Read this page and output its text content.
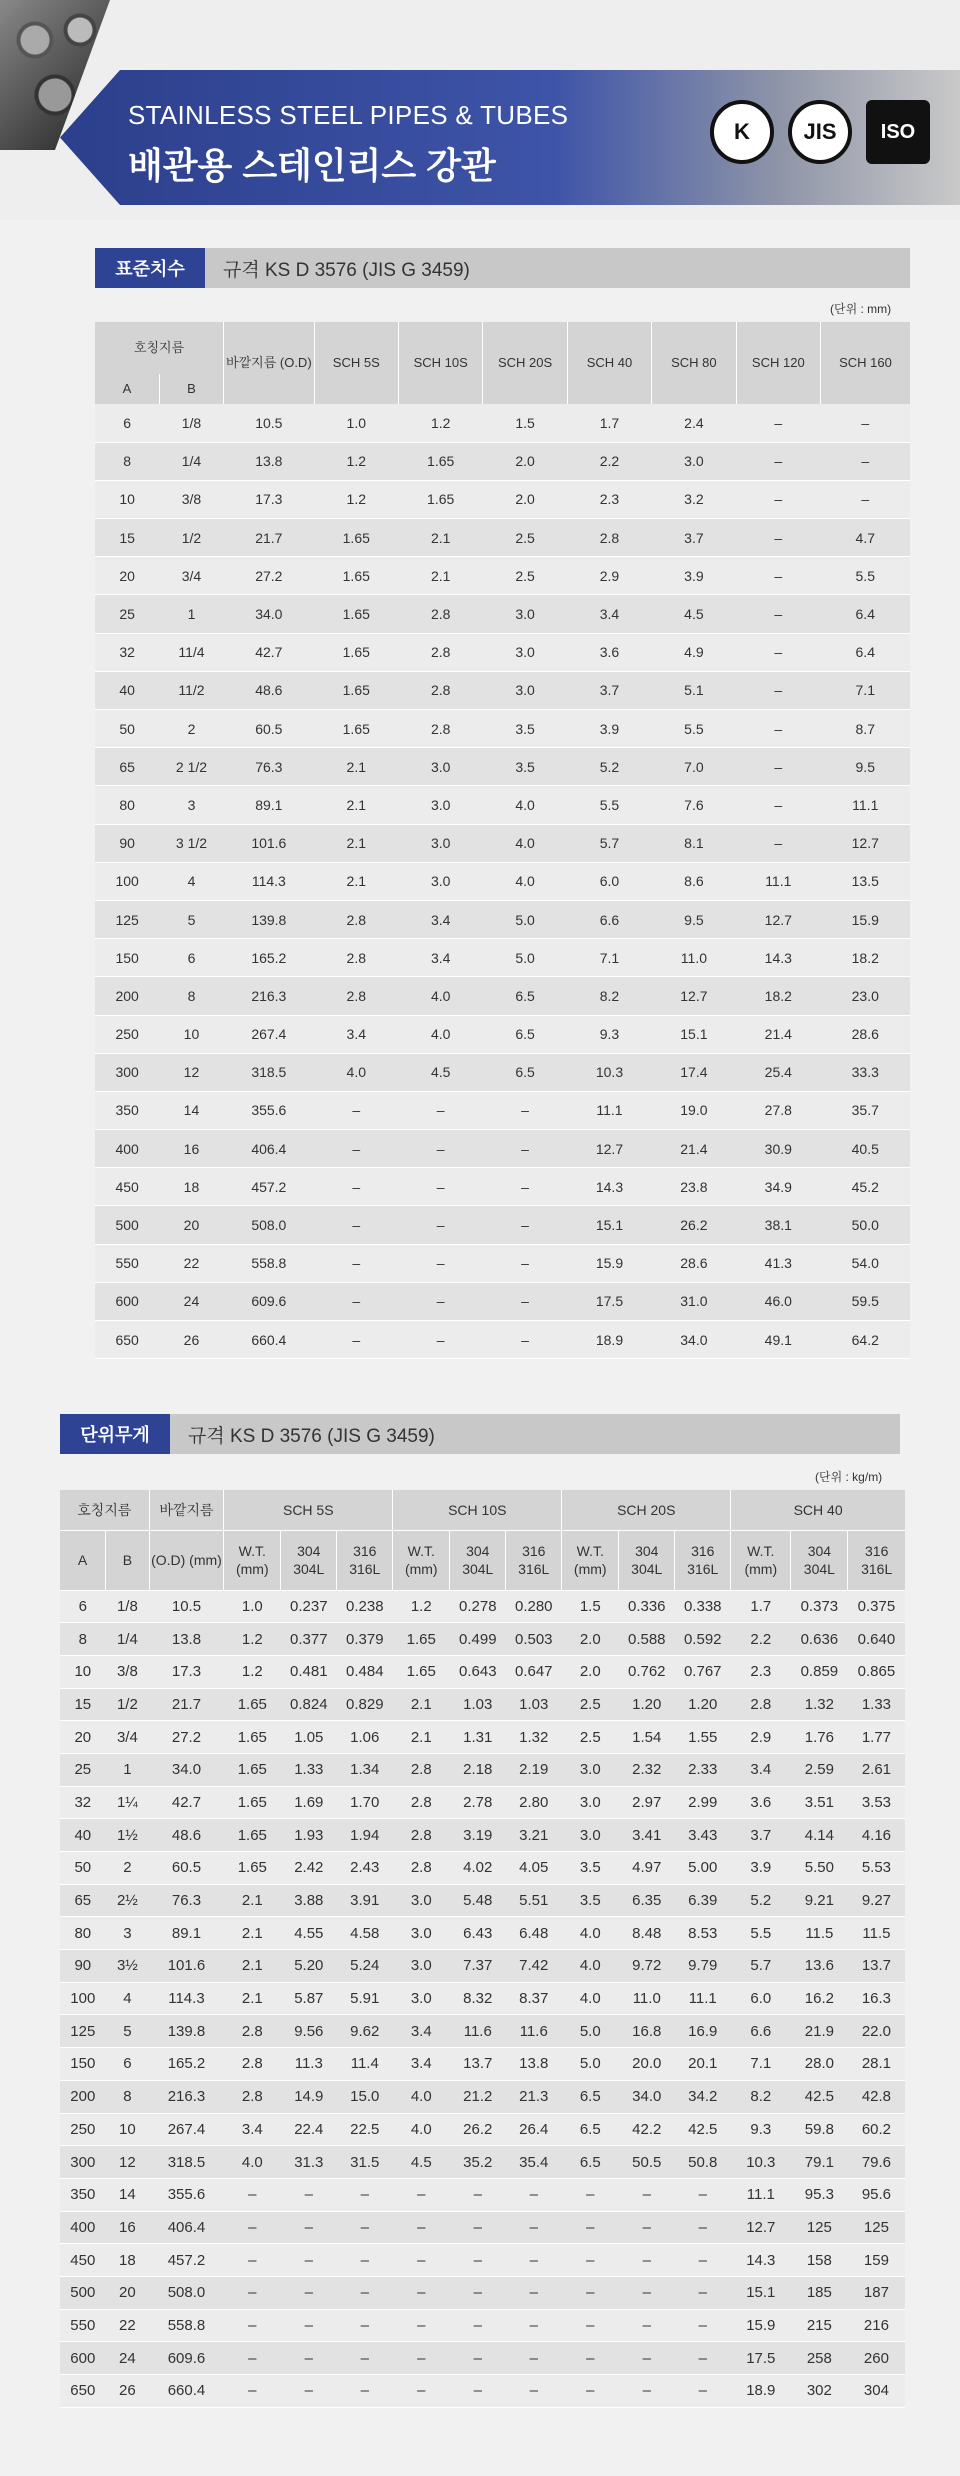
STAINLESS STEEL PIPES & TUBES
배관용 스테인리스 강관
K	JIS	ISO
표준치수	규격 KS D 3576 (JIS G 3459)
(단위 : mm)
호칭지름		바깥지름 (O.D)	SCH 5S	SCH 10S	SCH 20S	SCH 40	SCH 80	SCH 120	SCH 160
A	B								
6	1/8	10.5	1.0	1.2	1.5	1.7	2.4	–	–
8	1/4	13.8	1.2	1.65	2.0	2.2	3.0	–	–
10	3/8	17.3	1.2	1.65	2.0	2.3	3.2	–	–
15	1/2	21.7	1.65	2.1	2.5	2.8	3.7	–	4.7
20	3/4	27.2	1.65	2.1	2.5	2.9	3.9	–	5.5
25	1	34.0	1.65	2.8	3.0	3.4	4.5	–	6.4
32	11/4	42.7	1.65	2.8	3.0	3.6	4.9	–	6.4
40	11/2	48.6	1.65	2.8	3.0	3.7	5.1	–	7.1
50	2	60.5	1.65	2.8	3.5	3.9	5.5	–	8.7
65	2 1/2	76.3	2.1	3.0	3.5	5.2	7.0	–	9.5
80	3	89.1	2.1	3.0	4.0	5.5	7.6	–	11.1
90	3 1/2	101.6	2.1	3.0	4.0	5.7	8.1	–	12.7
100	4	114.3	2.1	3.0	4.0	6.0	8.6	11.1	13.5
125	5	139.8	2.8	3.4	5.0	6.6	9.5	12.7	15.9
150	6	165.2	2.8	3.4	5.0	7.1	11.0	14.3	18.2
200	8	216.3	2.8	4.0	6.5	8.2	12.7	18.2	23.0
250	10	267.4	3.4	4.0	6.5	9.3	15.1	21.4	28.6
300	12	318.5	4.0	4.5	6.5	10.3	17.4	25.4	33.3
350	14	355.6	–	–	–	11.1	19.0	27.8	35.7
400	16	406.4	–	–	–	12.7	21.4	30.9	40.5
450	18	457.2	–	–	–	14.3	23.8	34.9	45.2
500	20	508.0	–	–	–	15.1	26.2	38.1	50.0
550	22	558.8	–	–	–	15.9	28.6	41.3	54.0
600	24	609.6	–	–	–	17.5	31.0	46.0	59.5
650	26	660.4	–	–	–	18.9	34.0	49.1	64.2
단위무게	규격 KS D 3576 (JIS G 3459)
(단위 : kg/m)
호칭지름		바깥지름	SCH 5S			SCH 10S			SCH 20S			SCH 40		
A	B	(O.D) (mm)	W.T. (mm)	304 304L	316 316L	W.T. (mm)	304 304L	316 316L	W.T. (mm)	304 304L	316 316L	W.T. (mm)	304 304L	316 316L
6	1/8	10.5	1.0	0.237	0.238	1.2	0.278	0.280	1.5	0.336	0.338	1.7	0.373	0.375
8	1/4	13.8	1.2	0.377	0.379	1.65	0.499	0.503	2.0	0.588	0.592	2.2	0.636	0.640
10	3/8	17.3	1.2	0.481	0.484	1.65	0.643	0.647	2.0	0.762	0.767	2.3	0.859	0.865
15	1/2	21.7	1.65	0.824	0.829	2.1	1.03	1.03	2.5	1.20	1.20	2.8	1.32	1.33
20	3/4	27.2	1.65	1.05	1.06	2.1	1.31	1.32	2.5	1.54	1.55	2.9	1.76	1.77
25	1	34.0	1.65	1.33	1.34	2.8	2.18	2.19	3.0	2.32	2.33	3.4	2.59	2.61
32	1¼	42.7	1.65	1.69	1.70	2.8	2.78	2.80	3.0	2.97	2.99	3.6	3.51	3.53
40	1½	48.6	1.65	1.93	1.94	2.8	3.19	3.21	3.0	3.41	3.43	3.7	4.14	4.16
50	2	60.5	1.65	2.42	2.43	2.8	4.02	4.05	3.5	4.97	5.00	3.9	5.50	5.53
65	2½	76.3	2.1	3.88	3.91	3.0	5.48	5.51	3.5	6.35	6.39	5.2	9.21	9.27
80	3	89.1	2.1	4.55	4.58	3.0	6.43	6.48	4.0	8.48	8.53	5.5	11.5	11.5
90	3½	101.6	2.1	5.20	5.24	3.0	7.37	7.42	4.0	9.72	9.79	5.7	13.6	13.7
100	4	114.3	2.1	5.87	5.91	3.0	8.32	8.37	4.0	11.0	11.1	6.0	16.2	16.3
125	5	139.8	2.8	9.56	9.62	3.4	11.6	11.6	5.0	16.8	16.9	6.6	21.9	22.0
150	6	165.2	2.8	11.3	11.4	3.4	13.7	13.8	5.0	20.0	20.1	7.1	28.0	28.1
200	8	216.3	2.8	14.9	15.0	4.0	21.2	21.3	6.5	34.0	34.2	8.2	42.5	42.8
250	10	267.4	3.4	22.4	22.5	4.0	26.2	26.4	6.5	42.2	42.5	9.3	59.8	60.2
300	12	318.5	4.0	31.3	31.5	4.5	35.2	35.4	6.5	50.5	50.8	10.3	79.1	79.6
350	14	355.6	–	–	–	–	–	–	–	–	–	11.1	95.3	95.6
400	16	406.4	–	–	–	–	–	–	–	–	–	12.7	125	125
450	18	457.2	–	–	–	–	–	–	–	–	–	14.3	158	159
500	20	508.0	–	–	–	–	–	–	–	–	–	15.1	185	187
550	22	558.8	–	–	–	–	–	–	–	–	–	15.9	215	216
600	24	609.6	–	–	–	–	–	–	–	–	–	17.5	258	260
650	26	660.4	–	–	–	–	–	–	–	–	–	18.9	302	304
